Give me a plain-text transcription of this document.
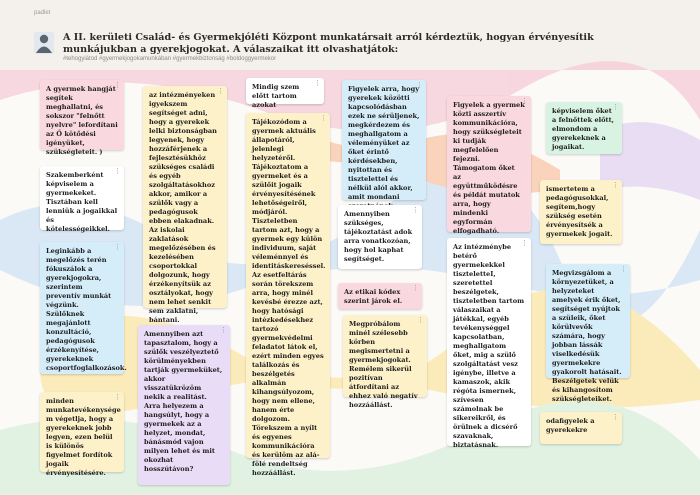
padlet

A II. kerületi Család- és Gyermekjóléti Központ munkatársait arról kérdeztük, hogyan érvényesítik munkájukban a gyerekjogokat. A válaszaikat itt olvashatjátok:

#tehogyiátod #gyermekjogokamunkában #gyermekbiztonság #boldoggyermekor
⋮
A gyermek hangját segítek meghallatni, és sokszor "felnőtt nyelvre" lefordítani az Ő kötődési igényüket, szükségleteit. )
⋮
Szakemberként képviselem a gyermekeket. Tisztában kell lenniük a jogaikkal és kötelességeikkel.
⋮
Leginkább a megelőzés terén fókuszálok a gyerekjogokra, szerintem preventív munkát végzünk. Szülőknek megajánlott konzultáció, pedagógusok érzékenyítése, gyerekeknek csoportfoglalkozások.
⋮
minden munkatevékenysége m végetlja, hogy a gyerekeknek jobb legyen, ezen belül is különös figyelmet fordítok jogaik érvényesítésére.
⋮
az intézményeken igyekszem segítséget adni, hogy a gyerekek lelki biztonságban legyenek, hogy hozzáférjenek a fejlesztésükhöz szükséges családi és egyéb szolgáltatásokhoz akkor, amikor a szülők vagy a pedagógusok ebben elakadnak. Az iskolai zaklatások megelőzésében és kezelésében csoportokkal dolgozunk, hogy érzékenyítsük az osztályokat, hogy nem lehet senkit sem zaklatni, bántani.
⋮
Amennyiben azt tapasztalom, hogy a szülők veszélyeztető körülményekben tartják gyermeküket, akkor visszatükrözöm nekik a realitást. Arra helyezem a hangsúlyt, hogy a gyermekek az a helyzet, mondat, bánásmód vajon milyen lehet és mit okozhat hosszútávon?
⋮
Mindig szem előtt tartom azokat
⋮
Tájékozódom a gyermek aktuális állapotáról, jelenlegi helyzetéről. Tájékoztatom a gyermeket és a szülőit jogaik érvényesítésének lehetőségeiről, módjáról. Tiszteletben tartom azt, hogy a gyermek egy külön individuum, saját véleménnyel és identitáskereséssel. Az esetfeltárás során törekszem arra, hogy minél kevésbé érezze azt, hogy hatósági intézkedésekhez tartozó gyermekvédelmi feladatot látok el, ezért minden egyes találkozás és beszélgetés alkalmán kihangsúlyozom, hogy nem ellene, hanem érte dolgozom. Törekszem a nyílt és egyenes kommunikációra és kerülöm az alá-fölé rendeltség hozzáállást.
⋮
Figyelek arra, hogy gyerekek közötti kapcsolódásban ezek ne sérüljenek, megkérdezem és meghallgatom a véleményüket az őket érintő kérdésekben, nyitottan és tisztelettel és nélkül alól akkor, amit mondani
⋮
Amennyiben szükséges, tájékoztatást adok arra vonatkozóan, hogy hol kaphat segítséget.
⋮
Az etikai kódex szerint járok el.
⋮
Megpróbálom minél szélesebb körben megismertetni a gyermekjogokat. Remélem sikerül pozitívan átfordítani az ehhez való negatív hozzáállást.
⋮
Figyelek a gyermek közti asszertív kommunikációra, hogy szükségleteit ki tudják megfelelően fejezni. Támogatom őket az együttműködésre és példát mutatok arra, hogy mindenki egyformán elfogadható.
⋮
Az intézménybe betérő gyermekekkel tiszteletteI, szeretettel beszélgetek, tiszteletben tartom válaszaikat a játékkal, egyéb tevékenységgel kapcsolatban, meghallgatom őket, mig a szülő szolgáltatást vesz igénybe, illetve a kamaszok, akik régóta ismernek, szívesen számolnak be sikereikről, és örülnek a dicsérő szavaknak, biztatásnak.
⋮
képviselem őket a felnőttek előtt, elmondom a gyerekeknek a jogaikat.
⋮
ismertetem a pedagógusokkal, segítem,hogy szükség esetén érvényesítsék a gyermekek jogait.
⋮
Megvizsgálom a környezetüket, a helyzeteket amelyek érik őket, segítséget nyújtok a szüleik, őket körülvevők számára, hogy jobban lássák viselkedésük gyermekekre gyakorolt hatásait. Beszélgetek velük és kihangosítom szükségleteiket.
⋮
odafigyelek a gyerekekre
